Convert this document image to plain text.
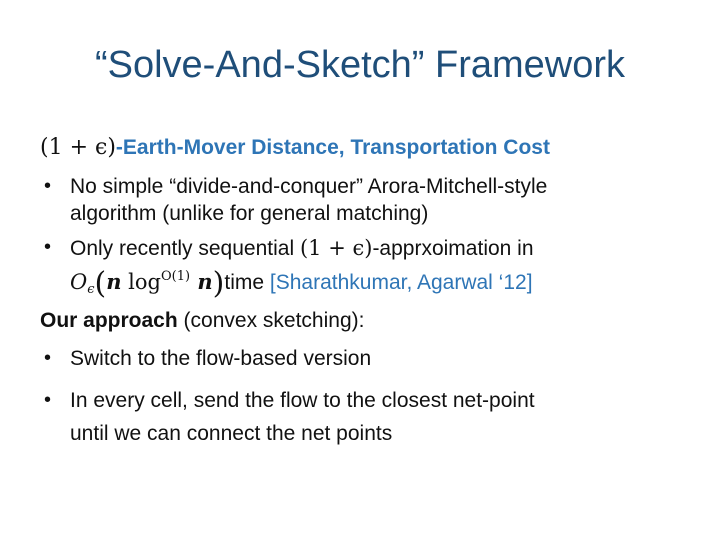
“Solve-And-Sketch” Framework
(1 + ϵ)-Earth-Mover Distance, Transportation Cost
• No simple “divide-and-conquer” Arora-Mitchell-style
algorithm (unlike for general matching)
• Only recently sequential (1 + ϵ)-apprxoimation in
$O_\epsilon(n$ $\log^{O(1)}$ n)time [Sharathkumar, Agarwal ‘12]
Our approach (convex sketching):
• Switch to the flow-based version
• In every cell, send the flow to the closest net-point
until we can connect the net points
